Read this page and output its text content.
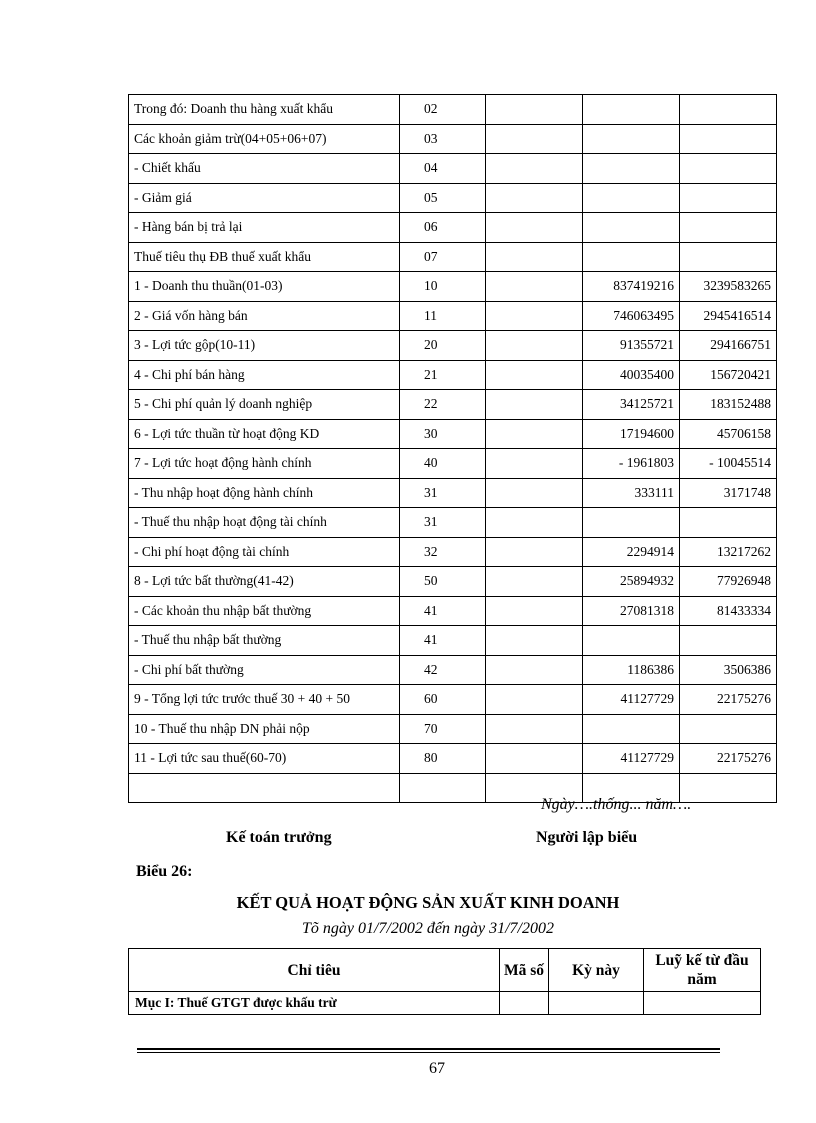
Trong đó: Doanh thu hàng xuất khẩu	02			
Các khoản giảm trừ(04+05+06+07)	03			
- Chiết khấu	04			
- Giảm giá	05			
- Hàng bán bị trả lại	06			
Thuế tiêu thụ ĐB thuế xuất khẩu	07			
1 - Doanh thu thuần(01-03)	10		837419216	3239583265
2 - Giá vốn hàng bán	11		746063495	2945416514
3 - Lợi tức gộp(10-11)	20		91355721	294166751
4 - Chi phí bán hàng	21		40035400	156720421
5 - Chi phí quản lý doanh nghiệp	22		34125721	183152488
6 - Lợi tức thuần từ hoạt động KD	30		17194600	45706158
7 - Lợi tức hoạt động hành chính	40		- 1961803	- 10045514
- Thu nhập hoạt động hành chính	31		333111	3171748
- Thuế thu nhập hoạt động tài chính	31			
- Chi phí hoạt động tài chính	32		2294914	13217262
8 - Lợi tức bất thường(41-42)	50		25894932	77926948
- Các khoản thu nhập bất thường	41		27081318	81433334
- Thuế thu nhập bất thường	41			
- Chi phí bất thường	42		1186386	3506386
9 - Tổng lợi tức trước thuế 30 + 40 + 50	60		41127729	22175276
10 - Thuế thu nhập DN phải nộp	70			
11 - Lợi tức sau thuế(60-70)	80		41127729	22175276

Ngày….thống... năm….
Kế toán trưởng	Người lập biểu
Biểu 26:
KẾT QUẢ HOẠT ĐỘNG SẢN XUẤT KINH DOANH
Tõ ngày 01/7/2002 đến ngày 31/7/2002
Chỉ tiêu	Mã số	Kỳ này	Luỹ kế từ đầu năm
Mục I: Thuế GTGT được khấu trừ			
67
